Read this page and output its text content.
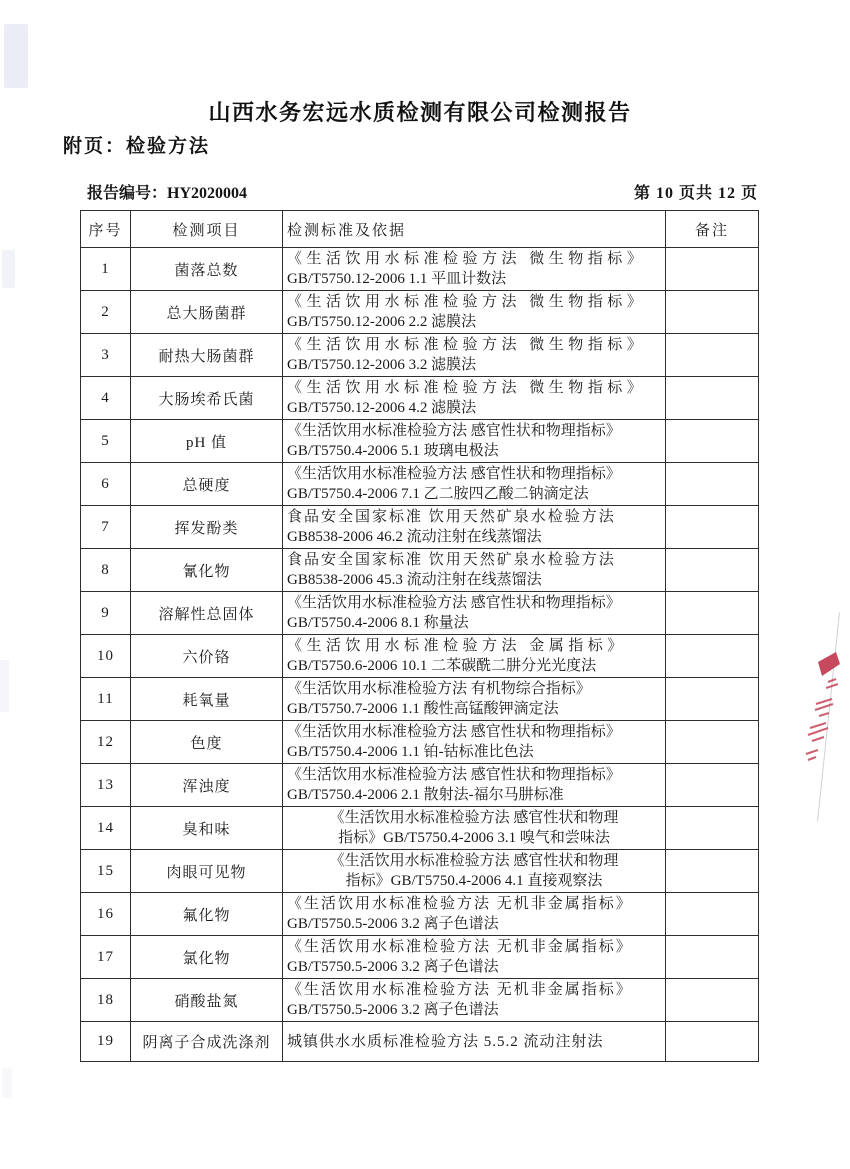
山西水务宏远水质检测有限公司检测报告
附页：检验方法
报告编号：HY2020004	第 10 页共 12 页
序号	检测项目	检测标准及依据	备注
1	菌落总数	《生活饮用水标准检验方法 微生物指标》
GB/T5750.12-2006 1.1 平皿计数法	

2	总大肠菌群	《生活饮用水标准检验方法 微生物指标》
GB/T5750.12-2006 2.2 滤膜法	

3	耐热大肠菌群	《生活饮用水标准检验方法 微生物指标》
GB/T5750.12-2006 3.2 滤膜法	

4	大肠埃希氏菌	《生活饮用水标准检验方法 微生物指标》
GB/T5750.12-2006 4.2 滤膜法	

5	pH 值	《生活饮用水标准检验方法 感官性状和物理指标》
GB/T5750.4-2006 5.1 玻璃电极法	

6	总硬度	《生活饮用水标准检验方法 感官性状和物理指标》
GB/T5750.4-2006 7.1 乙二胺四乙酸二钠滴定法	

7	挥发酚类	食品安全国家标准 饮用天然矿泉水检验方法
GB8538-2006 46.2 流动注射在线蒸馏法	

8	氰化物	食品安全国家标准 饮用天然矿泉水检验方法
GB8538-2006 45.3 流动注射在线蒸馏法	

9	溶解性总固体	《生活饮用水标准检验方法 感官性状和物理指标》
GB/T5750.4-2006 8.1 称量法	

10	六价铬	《生活饮用水标准检验方法 金属指标》
GB/T5750.6-2006 10.1 二苯碳酰二肼分光光度法	

11	耗氧量	《生活饮用水标准检验方法 有机物综合指标》
GB/T5750.7-2006 1.1 酸性高锰酸钾滴定法	

12	色度	《生活饮用水标准检验方法 感官性状和物理指标》
GB/T5750.4-2006 1.1 铂-钴标准比色法	

13	浑浊度	《生活饮用水标准检验方法 感官性状和物理指标》
GB/T5750.4-2006 2.1 散射法-福尔马肼标准	

14	臭和味	《生活饮用水标准检验方法 感官性状和物理
指标》GB/T5750.4-2006 3.1 嗅气和尝味法	

15	肉眼可见物	《生活饮用水标准检验方法 感官性状和物理
指标》GB/T5750.4-2006 4.1 直接观察法	

16	氟化物	《生活饮用水标准检验方法 无机非金属指标》
GB/T5750.5-2006 3.2 离子色谱法	

17	氯化物	《生活饮用水标准检验方法 无机非金属指标》
GB/T5750.5-2006 3.2 离子色谱法	

18	硝酸盐氮	《生活饮用水标准检验方法 无机非金属指标》
GB/T5750.5-2006 3.2 离子色谱法	

19	阴离子合成洗涤剂	城镇供水水质标准检验方法 5.5.2 流动注射法	
